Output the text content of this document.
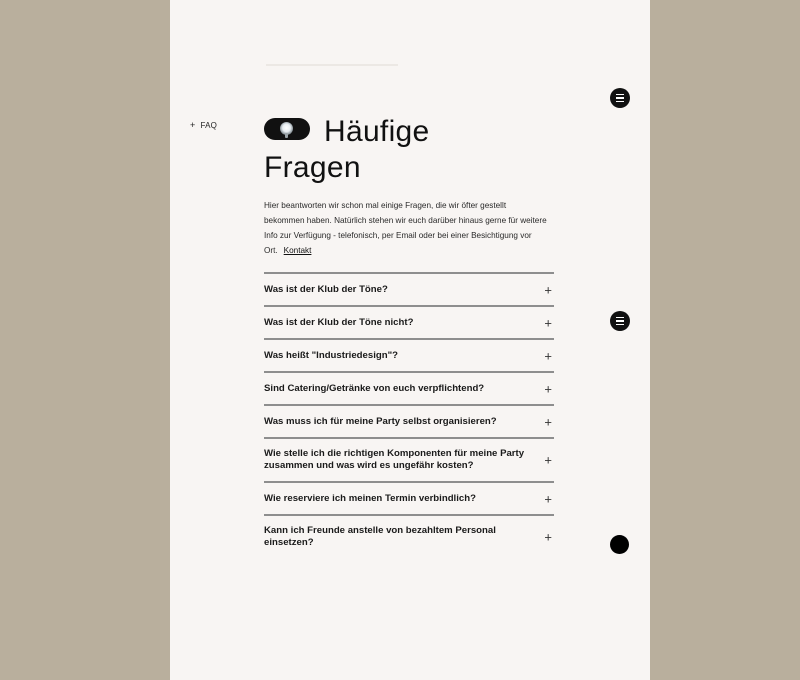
+ FAQ	Häufige
Fragen
Hier beantworten wir schon mal einige Fragen, die wir öfter gestellt bekommen haben. Natürlich stehen wir euch darüber hinaus gerne für weitere Info zur Verfügung - telefonisch, per Email oder bei einer Besichtigung vor Ort. Kontakt
Was ist der Klub der Töne?	+
Was ist der Klub der Töne nicht?	+
Was heißt "Industriedesign"?	+
Sind Catering/Getränke von euch verpflichtend?	+
Was muss ich für meine Party selbst organisieren?	+
Wie stelle ich die richtigen Komponenten für meine Party zusammen und was wird es ungefähr kosten?	+
Wie reserviere ich meinen Termin verbindlich?	+
Kann ich Freunde anstelle von bezahltem Personal einsetzen?	+
